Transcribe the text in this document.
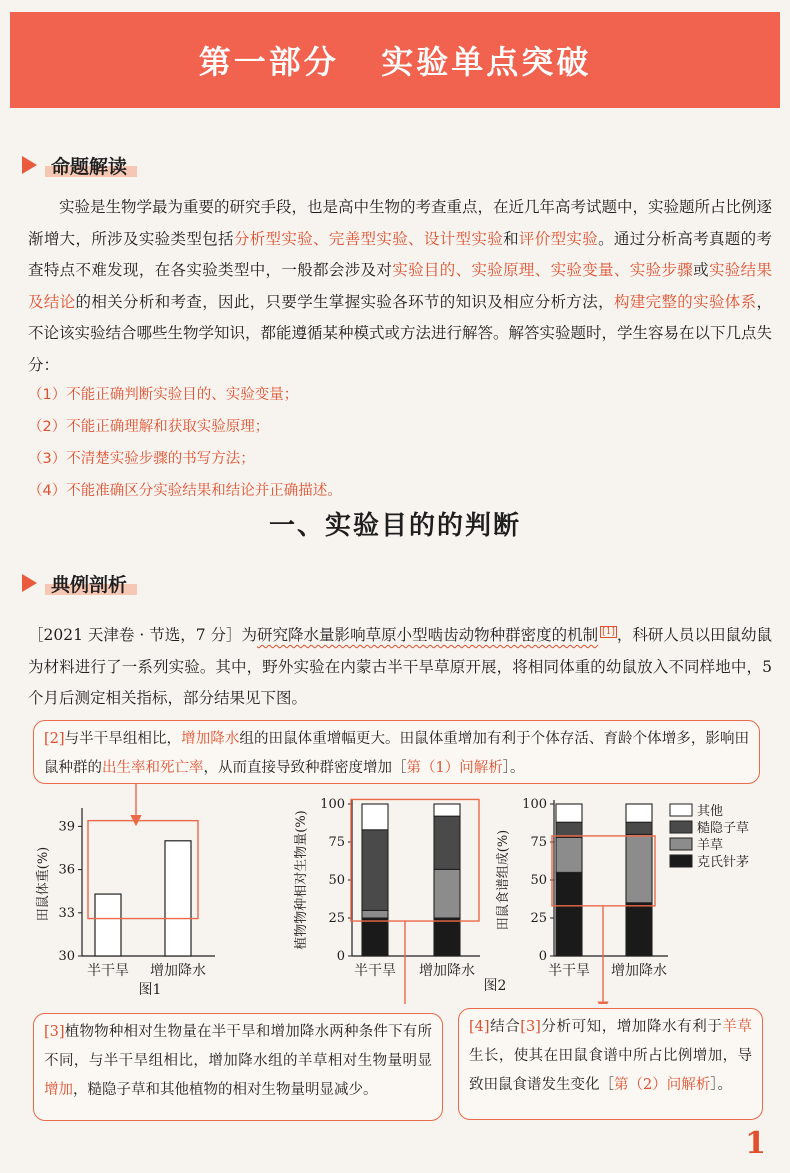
第一部分   实验单点突破
命题解读

实验是生物学最为重要的研究手段，也是高中生物的考查重点，在近几年高考试题中，实验题所占比例逐渐增大，所涉及实验类型包括分析型实验、完善型实验、设计型实验和评价型实验。通过分析高考真题的考查特点不难发现，在各实验类型中，一般都会涉及对实验目的、实验原理、实验变量、实验步骤或实验结果及结论的相关分析和考查，因此，只要学生掌握实验各环节的知识及相应分析方法，构建完整的实验体系，不论该实验结合哪些生物学知识，都能遵循某种模式或方法进行解答。解答实验题时，学生容易在以下几点失分：

（1）不能正确判断实验目的、实验变量；
（2）不能正确理解和获取实验原理；
（3）不清楚实验步骤的书写方法；
（4）不能准确区分实验结果和结论并正确描述。
一、实验目的的判断
典例剖析

［2021 天津卷 · 节选，7 分］为研究降水量影响草原小型啮齿动物种群密度的机制 [1] ，科研人员以田鼠幼鼠为材料进行了一系列实验。其中，野外实验在内蒙古半干旱草原开展，将相同体重的幼鼠放入不同样地中，5 个月后测定相关指标，部分结果见下图。

[2]与半干旱组相比，增加降水组的田鼠体重增幅更大。田鼠体重增加有利于个体存活、育龄个体增多，影响田鼠种群的出生率和死亡率，从而直接导致种群密度增加［第（1）问解析］。
30
33
36
39
半干旱 增加降水
田鼠体重(%)
图1
0
25
50
75
100
半干旱 增加降水
植物物种相对生物量(%)
0
25
50
75
100
半干旱 增加降水
田鼠食谱组成(%)
图2
其他
糙隐子草
羊草
克氏针茅
[3]植物物种相对生物量在半干旱和增加降水两种条件下有所不同，与半干旱组相比，增加降水组的羊草相对生物量明显增加，糙隐子草和其他植物的相对生物量明显减少。
[4]结合[3]分析可知，增加降水有利于羊草生长，使其在田鼠食谱中所占比例增加，导致田鼠食谱发生变化［第（2）问解析］。
1
